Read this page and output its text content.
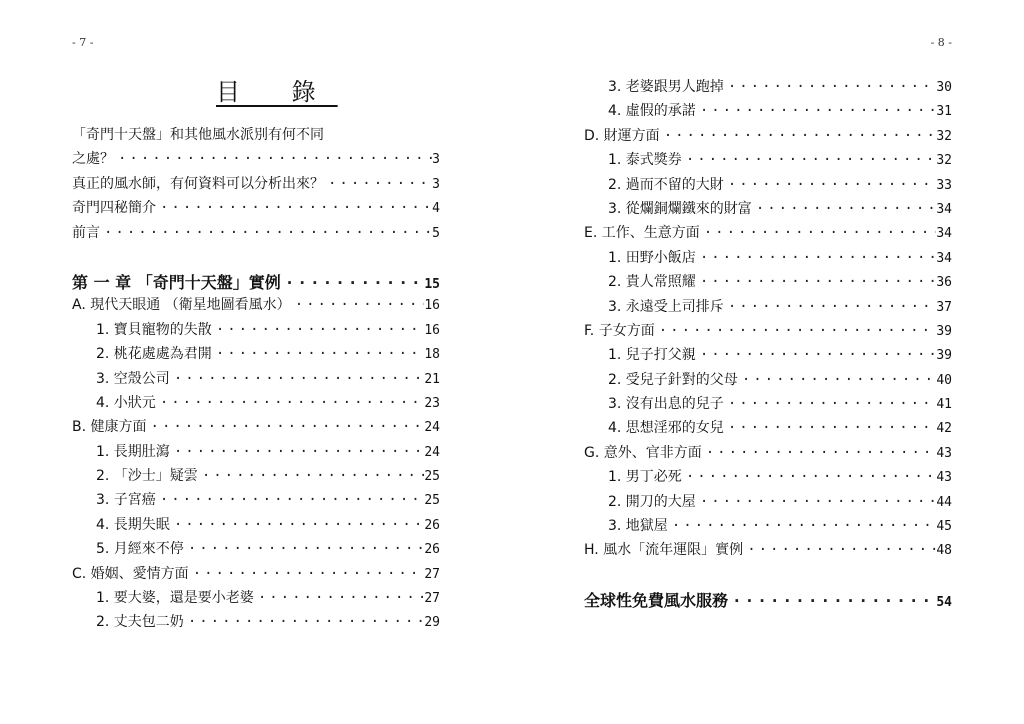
- 7 -
目 錄
「奇門十天盤」和其他風水派別有何不同
之處？ ·····	3
真正的風水師，有何資料可以分析出來？ ·····	3
奇門四秘簡介 ·····	4
前言 ·····	5
第 一 章 「奇門十天盤」實例 ·····	15
A. 現代天眼通 （衛星地圖看風水） ·····	16
1. 寶貝寵物的失散 ·····	16
2. 桃花處處為君開 ·····	18
3. 空殼公司 ·····	21
4. 小狀元 ·····	23
B. 健康方面 ·····	24
1. 長期肚瀉 ·····	24
2. 「沙士」疑雲 ·····	25
3. 子宮癌 ·····	25
4. 長期失眠 ·····	26
5. 月經來不停 ·····	26
C. 婚姻、愛情方面 ·····	27
1. 要大婆，還是要小老婆 ·····	27
2. 丈夫包二奶 ·····	29
- 8 -
3. 老婆跟男人跑掉 ·····	30
4. 虛假的承諾 ·····	31
D. 財運方面 ·····	32
1. 泰式獎券 ·····	32
2. 過而不留的大財 ·····	33
3. 從爛銅爛鐵來的財富 ·····	34
E. 工作、生意方面 ·····	34
1. 田野小飯店 ·····	34
2. 貴人常照耀 ·····	36
3. 永遠受上司排斥 ·····	37
F. 子女方面 ·····	39
1. 兒子打父親 ·····	39
2. 受兒子針對的父母 ·····	40
3. 沒有出息的兒子 ·····	41
4. 思想淫邪的女兒 ·····	42
G. 意外、官非方面 ·····	43
1. 男丁必死 ·····	43
2. 開刀的大屋 ·····	44
3. 地獄屋 ·····	45
H. 風水「流年運限」實例 ·····	48
全球性免費風水服務 ·····	54
